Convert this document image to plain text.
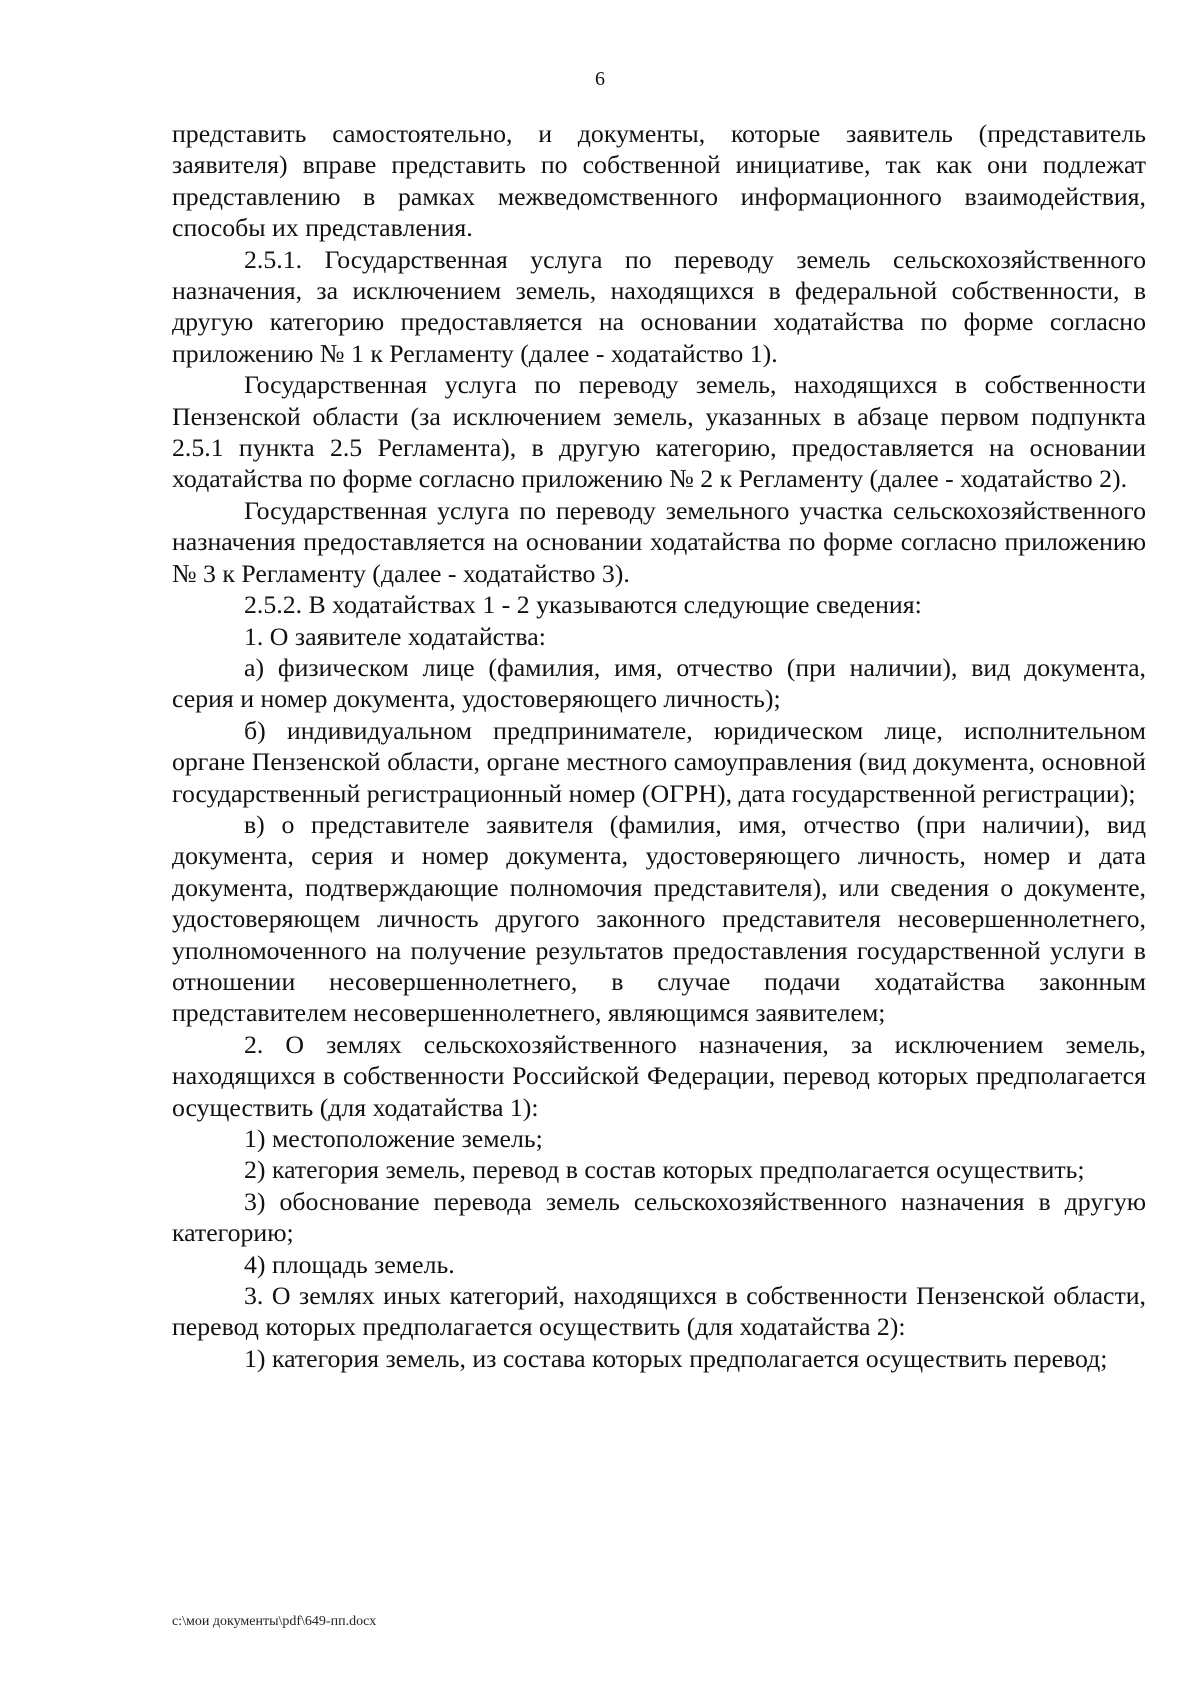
6

представить самостоятельно, и документы, которые заявитель (представитель заявителя) вправе представить по собственной инициативе, так как они подлежат представлению в рамках межведомственного информационного взаимодействия, способы их представления.

2.5.1. Государственная услуга по переводу земель сельскохозяйственного назначения, за исключением земель, находящихся в федеральной собственности, в другую категорию предоставляется на основании ходатайства по форме согласно приложению № 1 к Регламенту (далее - ходатайство 1).

Государственная услуга по переводу земель, находящихся в собственности Пензенской области (за исключением земель, указанных в абзаце первом подпункта 2.5.1 пункта 2.5 Регламента), в другую категорию, предоставляется на основании ходатайства по форме согласно приложению № 2 к Регламенту (далее - ходатайство 2).

Государственная услуга по переводу земельного участка сельскохозяйственного назначения предоставляется на основании ходатайства по форме согласно приложению № 3 к Регламенту (далее - ходатайство 3).

2.5.2. В ходатайствах 1 - 2 указываются следующие сведения:

1. О заявителе ходатайства:

а) физическом лице (фамилия, имя, отчество (при наличии), вид документа, серия и номер документа, удостоверяющего личность);

б) индивидуальном предпринимателе, юридическом лице, исполнительном органе Пензенской области, органе местного самоуправления (вид документа, основной государственный регистрационный номер (ОГРН), дата государственной регистрации);

в) о представителе заявителя (фамилия, имя, отчество (при наличии), вид документа, серия и номер документа, удостоверяющего личность, номер и дата документа, подтверждающие полномочия представителя), или сведения о документе, удостоверяющем личность другого законного представителя несовершеннолетнего, уполномоченного на получение результатов предоставления государственной услуги в отношении несовершеннолетнего, в случае подачи ходатайства законным представителем несовершеннолетнего, являющимся заявителем;

2. О землях сельскохозяйственного назначения, за исключением земель, находящихся в собственности Российской Федерации, перевод которых предполагается осуществить (для ходатайства 1):

1) местоположение земель;

2) категория земель, перевод в состав которых предполагается осуществить;

3) обоснование перевода земель сельскохозяйственного назначения в другую категорию;

4) площадь земель.

3. О землях иных категорий, находящихся в собственности Пензенской области, перевод которых предполагается осуществить (для ходатайства 2):

1) категория земель, из состава которых предполагается осуществить перевод;

c:\мои документы\pdf\649-пп.docx
